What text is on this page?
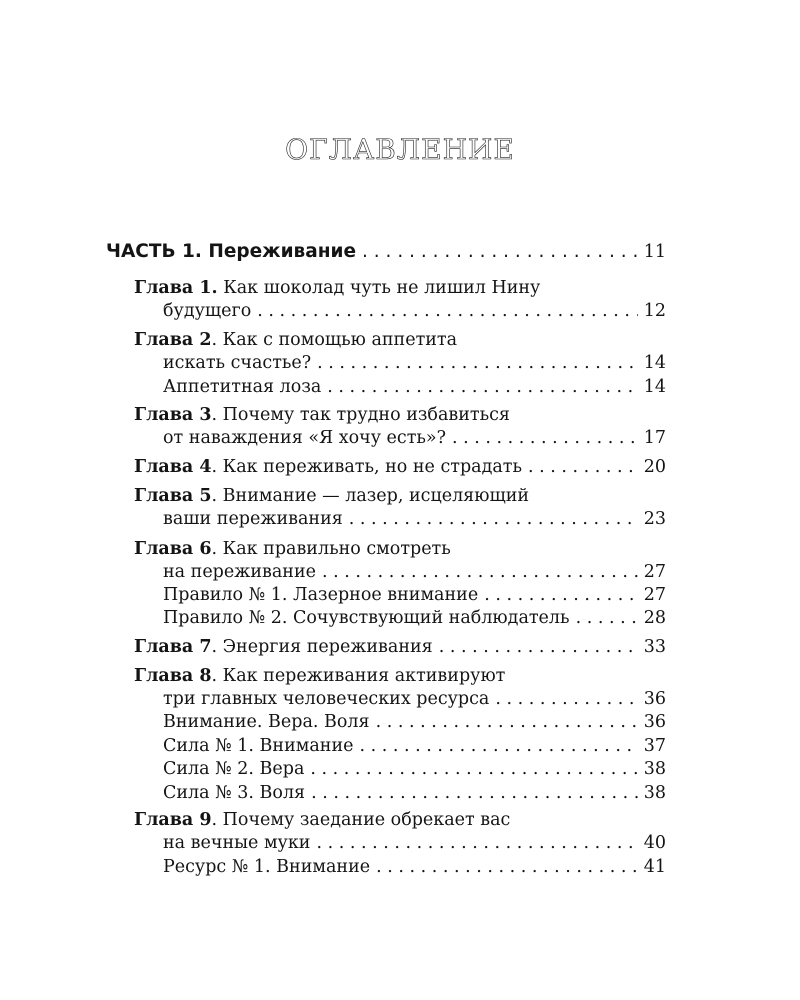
ОГЛАВЛЕНИЕ
ЧАСТЬ 1. Переживание . . .	11
Глава 1. Как шоколад чуть не лишил Нину
будущего . . .	12
Глава 2. Как с помощью аппетита
искать счастье? . . .	14
Аппетитная лоза . . .	14
Глава 3. Почему так трудно избавиться
от наваждения «Я хочу есть»? . . .	17
Глава 4. Как переживать, но не страдать . . .	20
Глава 5. Внимание — лазер, исцеляющий
ваши переживания . . .	23
Глава 6. Как правильно смотреть
на переживание . . .	27
Правило № 1. Лазерное внимание . . .	27
Правило № 2. Сочувствующий наблюдатель . . .	28
Глава 7. Энергия переживания . . .	33
Глава 8. Как переживания активируют
три главных человеческих ресурса . . .	36
Внимание. Вера. Воля . . .	36
Сила № 1. Внимание . . .	37
Сила № 2. Вера . . .	38
Сила № 3. Воля . . .	38
Глава 9. Почему заедание обрекает вас
на вечные муки . . .	40
Ресурс № 1. Внимание . . .	41
